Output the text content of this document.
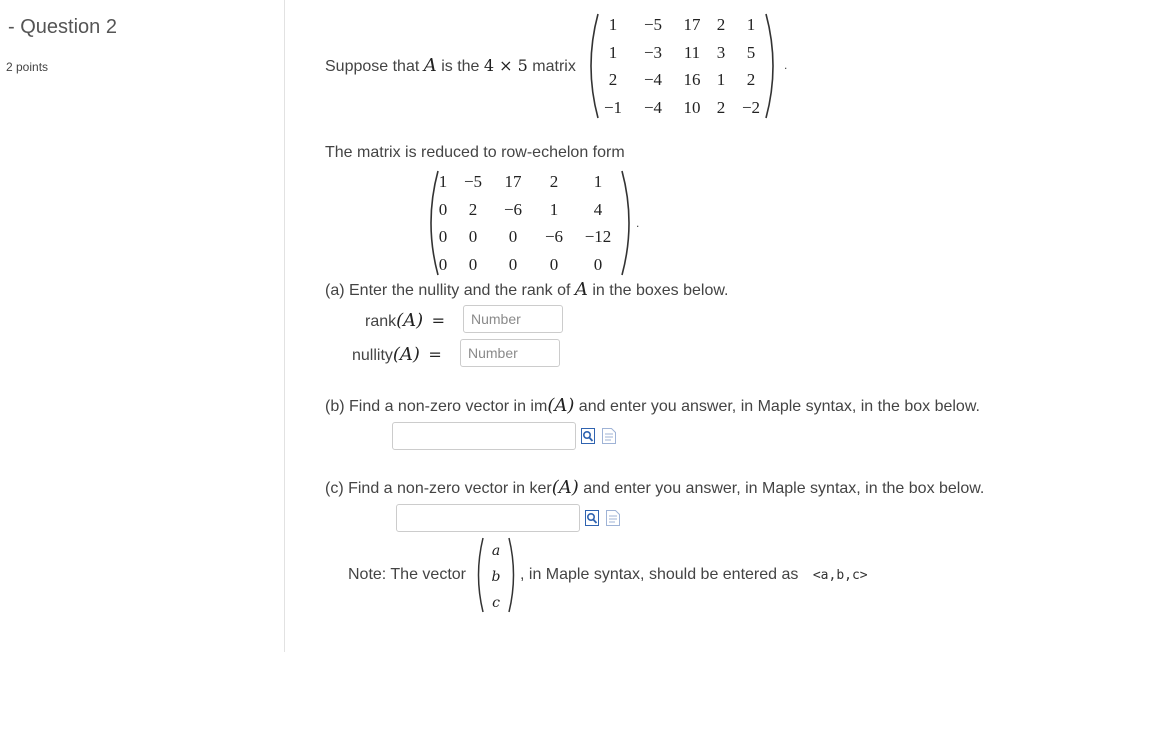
- Question 2
2 points	Suppose that A is the 4 × 5 matrix
1	−5	17	2	1
1	−3	11	3	5
2	−4	16	1	2
−1	−4	10	2	−2
.
The matrix is reduced to row-echelon form
1	−5	17	2	1
0	2	−6	1	4
0	0	0	−6	−12
0	0	0	0	0
.
(a) Enter the nullity and the rank of A in the boxes below.
rank(A) =
Number
nullity(A) =
Number
(b) Find a non-zero vector in im(A) and enter you answer, in Maple syntax, in the box below.
(c) Find a non-zero vector in ker(A) and enter you answer, in Maple syntax, in the box below.
Note: The vector
a
b
c
, in Maple syntax, should be entered as <a,b,c>
